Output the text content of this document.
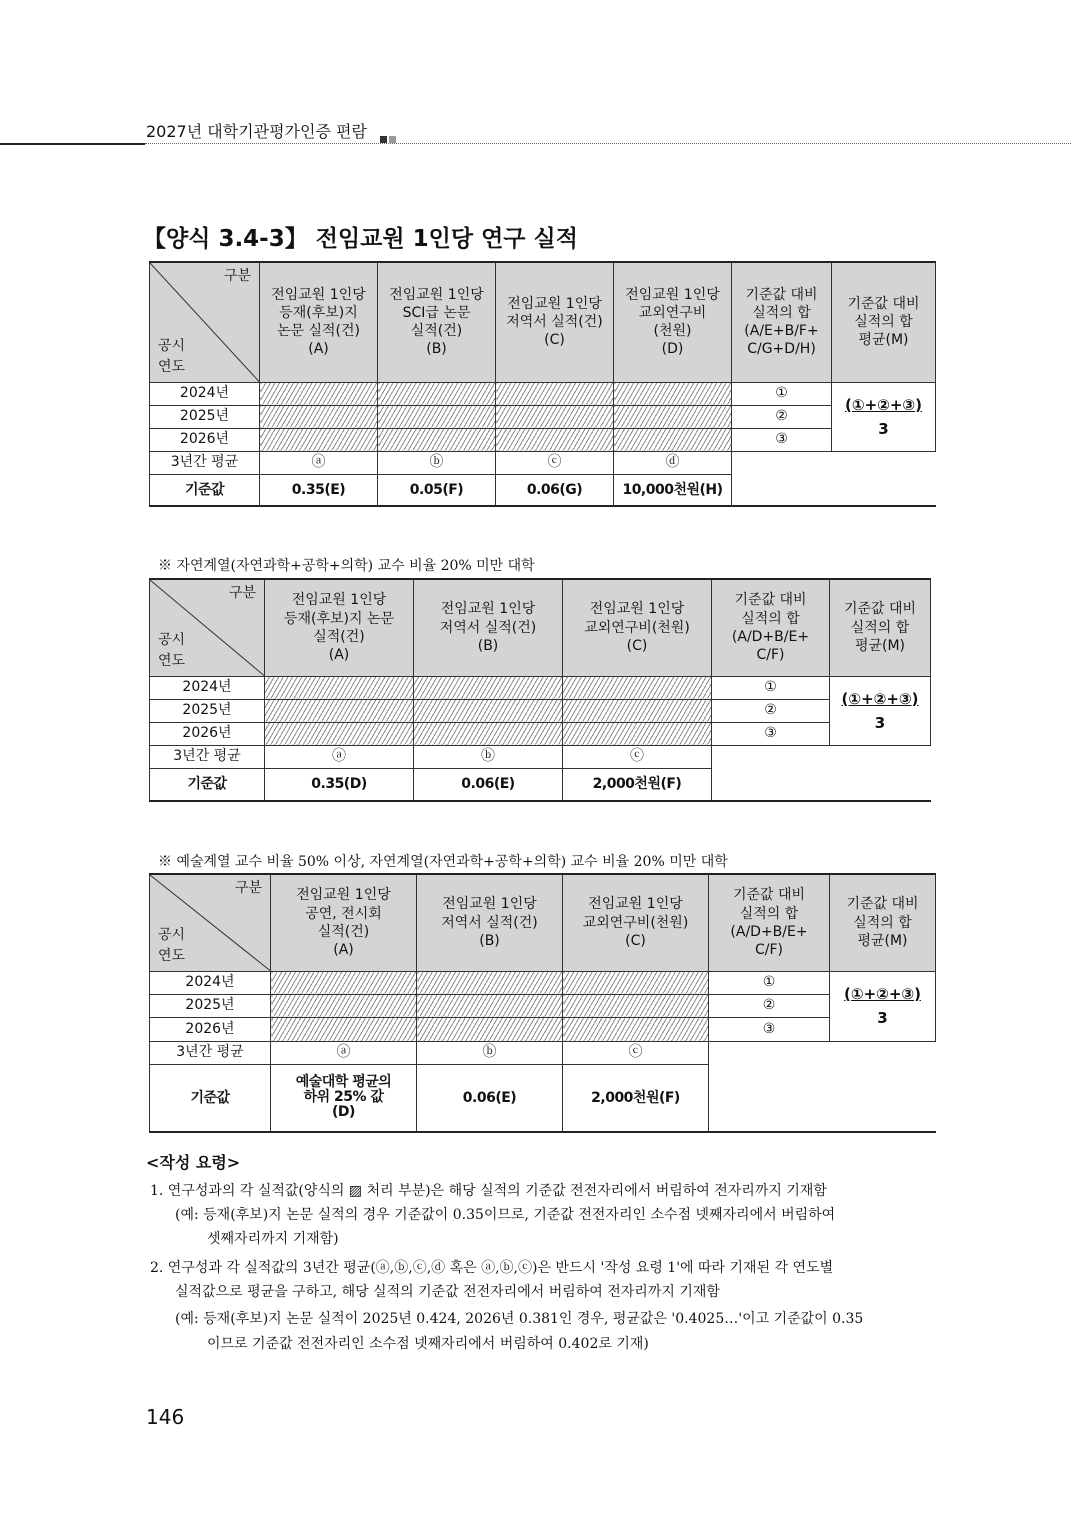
2027년 대학기관평가인증 편람
【양식 3.4-3】 전임교원 1인당 연구 실적
구분
공시
연도	전임교원 1인당
등재(후보)지
논문 실적(건)
(A)	전임교원 1인당
SCI급 논문
실적(건)
(B)	전임교원 1인당
저역서 실적(건)
(C)	전임교원 1인당
교외연구비
(천원)
(D)	기준값 대비
실적의 합
(A/E+B/F+
C/G+D/H)	기준값 대비
실적의 합
평균(M)
2024년					①	(①+②+③)
3
2025년					②	
2026년					③	
3년간 평균	ⓐ	ⓑ	ⓒ	ⓓ		
기준값	0.35(E)	0.05(F)	0.06(G)	10,000천원(H)		
※ 자연계열(자연과학+공학+의학) 교수 비율 20% 미만 대학
구분
공시
연도	전임교원 1인당
등재(후보)지 논문
실적(건)
(A)	전임교원 1인당
저역서 실적(건)
(B)	전임교원 1인당
교외연구비(천원)
(C)	기준값 대비
실적의 합
(A/D+B/E+
C/F)	기준값 대비
실적의 합
평균(M)
2024년				①	(①+②+③)
3
2025년				②	
2026년				③	
3년간 평균	ⓐ	ⓑ	ⓒ		
기준값	0.35(D)	0.06(E)	2,000천원(F)		
※ 예술계열 교수 비율 50% 이상, 자연계열(자연과학+공학+의학) 교수 비율 20% 미만 대학
구분
공시
연도	전임교원 1인당
공연, 전시회
실적(건)
(A)	전임교원 1인당
저역서 실적(건)
(B)	전임교원 1인당
교외연구비(천원)
(C)	기준값 대비
실적의 합
(A/D+B/E+
C/F)	기준값 대비
실적의 합
평균(M)
2024년				①	(①+②+③)
3
2025년				②	
2026년				③	
3년간 평균	ⓐ	ⓑ	ⓒ		
기준값	예술대학 평균의
하위 25% 값
(D)	0.06(E)	2,000천원(F)		
<작성 요령>
1. 연구성과의 각 실적값(양식의 ▨ 처리 부분)은 해당 실적의 기준값 전전자리에서 버림하여 전자리까지 기재함
(예: 등재(후보)지 논문 실적의 경우 기준값이 0.35이므로, 기준값 전전자리인 소수점 넷째자리에서 버림하여
셋째자리까지 기재함)
2. 연구성과 각 실적값의 3년간 평균(ⓐ,ⓑ,ⓒ,ⓓ 혹은 ⓐ,ⓑ,ⓒ)은 반드시 '작성 요령 1'에 따라 기재된 각 연도별
실적값으로 평균을 구하고, 해당 실적의 기준값 전전자리에서 버림하여 전자리까지 기재함
(예: 등재(후보)지 논문 실적이 2025년 0.424, 2026년 0.381인 경우, 평균값은 '0.4025…'이고 기준값이 0.35
이므로 기준값 전전자리인 소수점 넷째자리에서 버림하여 0.402로 기재)
146
